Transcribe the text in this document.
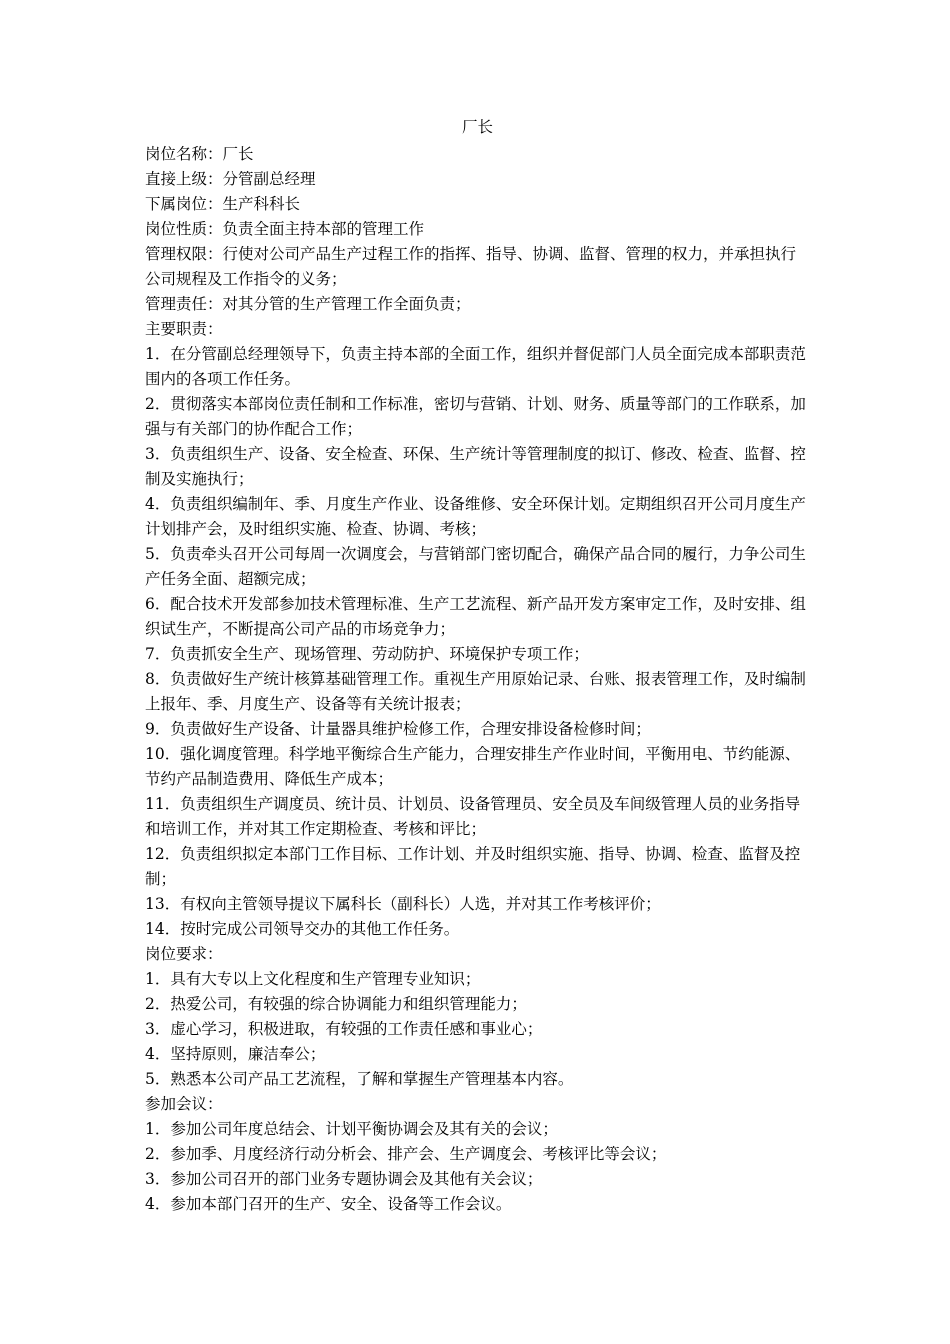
厂长
岗位名称：厂长
直接上级：分管副总经理
下属岗位：生产科科长
岗位性质：负责全面主持本部的管理工作
管理权限：行使对公司产品生产过程工作的指挥、指导、协调、监督、管理的权力，并承担执行公司规程及工作指令的义务；
管理责任：对其分管的生产管理工作全面负责；

主要职责：

1．在分管副总经理领导下，负责主持本部的全面工作，组织并督促部门人员全面完成本部职责范围内的各项工作任务。

2．贯彻落实本部岗位责任制和工作标准，密切与营销、计划、财务、质量等部门的工作联系，加强与有关部门的协作配合工作；

3．负责组织生产、设备、安全检查、环保、生产统计等管理制度的拟订、修改、检查、监督、控制及实施执行；

4．负责组织编制年、季、月度生产作业、设备维修、安全环保计划。定期组织召开公司月度生产计划排产会，及时组织实施、检查、协调、考核；

5．负责牵头召开公司每周一次调度会，与营销部门密切配合，确保产品合同的履行，力争公司生产任务全面、超额完成；

6．配合技术开发部参加技术管理标准、生产工艺流程、新产品开发方案审定工作，及时安排、组织试生产，不断提高公司产品的市场竞争力；

7．负责抓安全生产、现场管理、劳动防护、环境保护专项工作；

8．负责做好生产统计核算基础管理工作。重视生产用原始记录、台账、报表管理工作，及时编制上报年、季、月度生产、设备等有关统计报表；

9．负责做好生产设备、计量器具维护检修工作，合理安排设备检修时间；

10．强化调度管理。科学地平衡综合生产能力，合理安排生产作业时间，平衡用电、节约能源、节约产品制造费用、降低生产成本；

11．负责组织生产调度员、统计员、计划员、设备管理员、安全员及车间级管理人员的业务指导和培训工作，并对其工作定期检查、考核和评比；

12．负责组织拟定本部门工作目标、工作计划、并及时组织实施、指导、协调、检查、监督及控制；

13．有权向主管领导提议下属科长（副科长）人选，并对其工作考核评价；

14．按时完成公司领导交办的其他工作任务。

岗位要求：

1．具有大专以上文化程度和生产管理专业知识；

2．热爱公司，有较强的综合协调能力和组织管理能力；

3．虚心学习，积极进取，有较强的工作责任感和事业心；

4．坚持原则，廉洁奉公；

5．熟悉本公司产品工艺流程，了解和掌握生产管理基本内容。

参加会议：

1．参加公司年度总结会、计划平衡协调会及其有关的会议；

2．参加季、月度经济行动分析会、排产会、生产调度会、考核评比等会议；

3．参加公司召开的部门业务专题协调会及其他有关会议；

4．参加本部门召开的生产、安全、设备等工作会议。
